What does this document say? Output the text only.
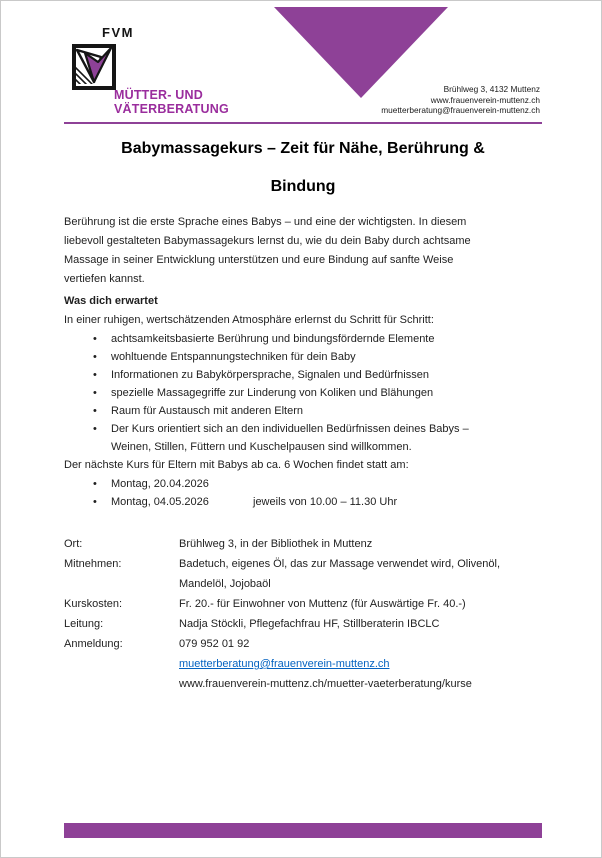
FVM
MÜTTER- UND
VÄTERBERATUNG
Brühlweg 3, 4132 Muttenz
www.frauenverein-muttenz.ch
muetterberatung@frauenverein-muttenz.ch
Babymassagekurs – Zeit für Nähe, Berührung &
Bindung
Berührung ist die erste Sprache eines Babys – und eine der wichtigsten. In diesem
liebevoll gestalteten Babymassagekurs lernst du, wie du dein Baby durch achtsame
Massage in seiner Entwicklung unterstützen und eure Bindung auf sanfte Weise
vertiefen kannst.
Was dich erwartet
In einer ruhigen, wertschätzenden Atmosphäre erlernst du Schritt für Schritt:
• achtsamkeitsbasierte Berührung und bindungsfördernde Elemente
• wohltuende Entspannungstechniken für dein Baby
• Informationen zu Babykörpersprache, Signalen und Bedürfnissen
• spezielle Massagegriffe zur Linderung von Koliken und Blähungen
• Raum für Austausch mit anderen Eltern
• Der Kurs orientiert sich an den individuellen Bedürfnissen deines Babys –
Weinen, Stillen, Füttern und Kuschelpausen sind willkommen.
Der nächste Kurs für Eltern mit Babys ab ca. 6 Wochen findet statt am:
• Montag, 20.04.2026
• Montag, 04.05.2026	jeweils von 10.00 – 11.30 Uhr
Ort:	Brühlweg 3, in der Bibliothek in Muttenz
Mitnehmen:	Badetuch, eigenes Öl, das zur Massage verwendet wird, Olivenöl,
Mandelöl, Jojobaöl
Kurskosten:	Fr. 20.- für Einwohner von Muttenz (für Auswärtige Fr. 40.-)
Leitung:	Nadja Stöckli, Pflegefachfrau HF, Stillberaterin IBCLC
Anmeldung:	079 952 01 92
muetterberatung@frauenverein-muttenz.ch
www.frauenverein-muttenz.ch/muetter-vaeterberatung/kurse
